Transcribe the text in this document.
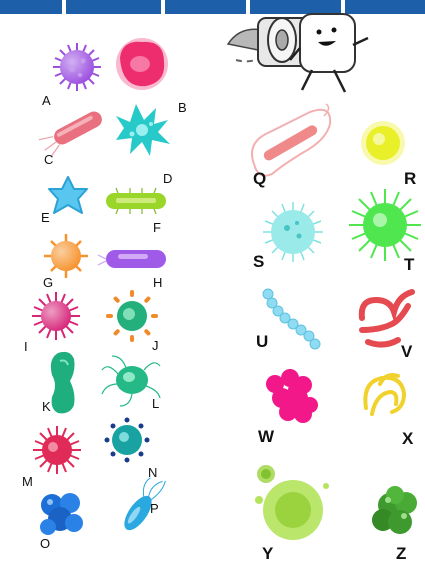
A	B
C
D
E
F
G	H
I	J
K	L
M
N
O
P
Q	R
S	T
U
V
W	X
Y	Z
